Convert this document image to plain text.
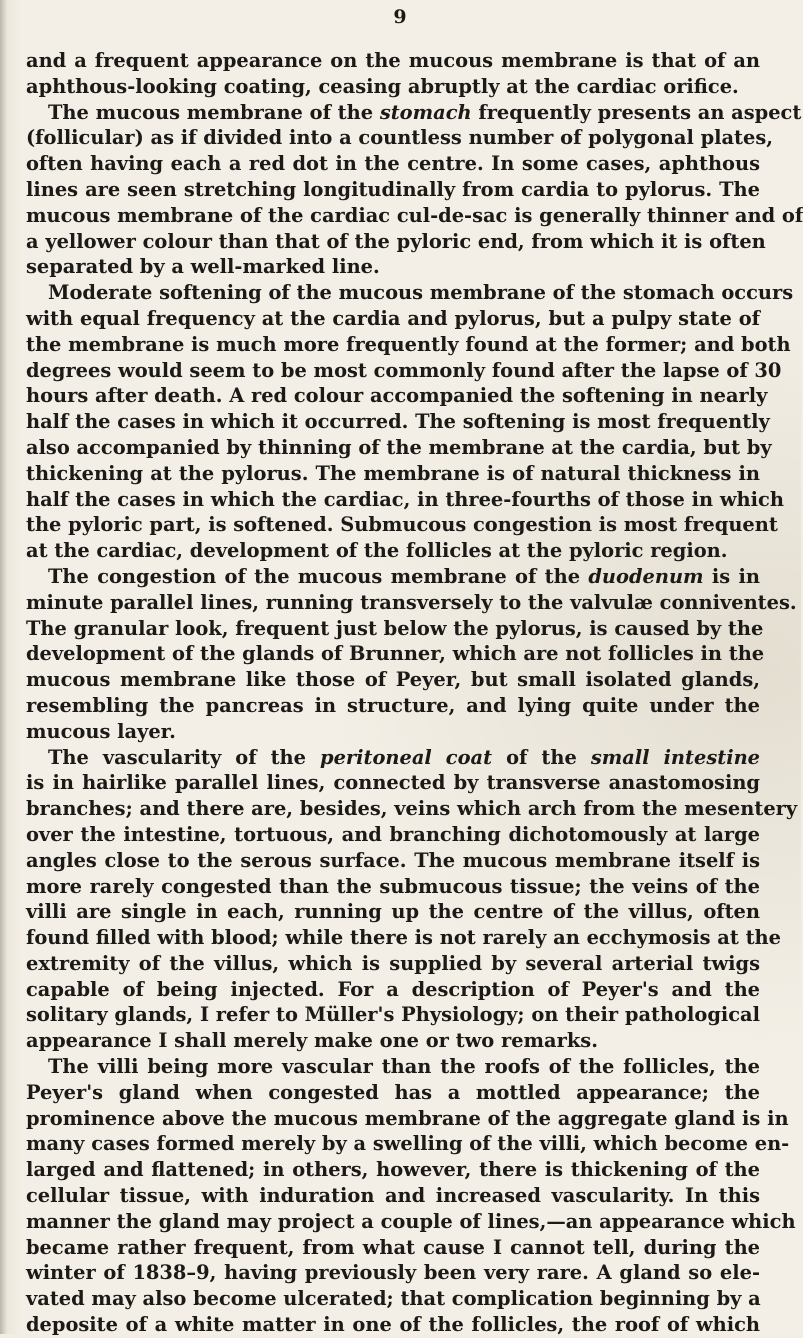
9
and a frequent appearance on the mucous membrane is that of an
aphthous-looking coating, ceasing abruptly at the cardiac orifice.
The mucous membrane of the stomach frequently presents an aspect
(follicular) as if divided into a countless number of polygonal plates,
often having each a red dot in the centre. In some cases, aphthous
lines are seen stretching longitudinally from cardia to pylorus. The
mucous membrane of the cardiac cul-de-sac is generally thinner and of
a yellower colour than that of the pyloric end, from which it is often
separated by a well-marked line.
Moderate softening of the mucous membrane of the stomach occurs
with equal frequency at the cardia and pylorus, but a pulpy state of
the membrane is much more frequently found at the former; and both
degrees would seem to be most commonly found after the lapse of 30
hours after death. A red colour accompanied the softening in nearly
half the cases in which it occurred. The softening is most frequently
also accompanied by thinning of the membrane at the cardia, but by
thickening at the pylorus. The membrane is of natural thickness in
half the cases in which the cardiac, in three-fourths of those in which
the pyloric part, is softened. Submucous congestion is most frequent
at the cardiac, development of the follicles at the pyloric region.
The congestion of the mucous membrane of the duodenum is in
minute parallel lines, running transversely to the valvulæ conniventes.
The granular look, frequent just below the pylorus, is caused by the
development of the glands of Brunner, which are not follicles in the
mucous membrane like those of Peyer, but small isolated glands,
resembling the pancreas in structure, and lying quite under the
mucous layer.
The vascularity of the peritoneal coat of the small intestine
is in hairlike parallel lines, connected by transverse anastomosing
branches; and there are, besides, veins which arch from the mesentery
over the intestine, tortuous, and branching dichotomously at large
angles close to the serous surface. The mucous membrane itself is
more rarely congested than the submucous tissue; the veins of the
villi are single in each, running up the centre of the villus, often
found filled with blood; while there is not rarely an ecchymosis at the
extremity of the villus, which is supplied by several arterial twigs
capable of being injected. For a description of Peyer's and the
solitary glands, I refer to Müller's Physiology; on their pathological
appearance I shall merely make one or two remarks.
The villi being more vascular than the roofs of the follicles, the
Peyer's gland when congested has a mottled appearance; the
prominence above the mucous membrane of the aggregate gland is in
many cases formed merely by a swelling of the villi, which become en-
larged and flattened; in others, however, there is thickening of the
cellular tissue, with induration and increased vascularity. In this
manner the gland may project a couple of lines,—an appearance which
became rather frequent, from what cause I cannot tell, during the
winter of 1838–9, having previously been very rare. A gland so ele-
vated may also become ulcerated; that complication beginning by a
deposite of a white matter in one of the follicles, the roof of which
